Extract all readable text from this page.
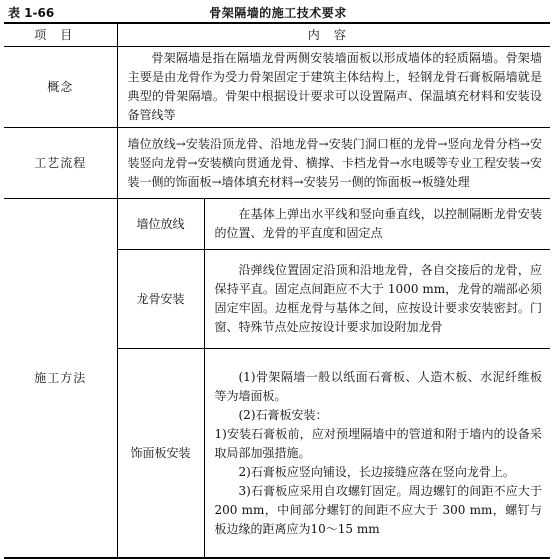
表 1-66	骨架隔墙的施工技术要求
项目	内容	
概念	骨架隔墙是指在隔墙龙骨两侧安装墙面板以形成墙体的轻质隔墙。骨架墙主要是由龙骨作为受力骨架固定于建筑主体结构上，轻钢龙骨石膏板隔墙就是典型的骨架隔墙。骨架中根据设计要求可以设置隔声、保温填充材料和安装设备管线等	
工艺流程	墙位放线→安装沿顶龙骨、沿地龙骨→安装门洞口框的龙骨→竖向龙骨分档→安装竖向龙骨→安装横向贯通龙骨、横撑、卡档龙骨→水电暖等专业工程安装→安装一侧的饰面板→墙体填充材料→安装另一侧的饰面板→板缝处理	
施工方法	墙位放线	在基体上弹出水平线和竖向垂直线，以控制隔断龙骨安装的位置、龙骨的平直度和固定点
	龙骨安装	沿弹线位置固定沿顶和沿地龙骨，各自交接后的龙骨，应保持平直。固定点间距应不大于 1000 mm，龙骨的端部必须固定牢固。边框龙骨与基体之间，应按设计要求安装密封。门窗、特殊节点处应按设计要求加设附加龙骨
	饰面板安装	(1)骨架隔墙一般以纸面石膏板、人造木板、水泥纤维板等为墙面板。

(2)石膏板安装：

1)安装石膏板前，应对预埋隔墙中的管道和附于墙内的设备采取局部加强措施。

2)石膏板应竖向铺设，长边接缝应落在竖向龙骨上。

3)石膏板应采用自攻螺钉固定。周边螺钉的间距不应大于 200 mm，中间部分螺钉的间距不应大于 300 mm，螺钉与板边缘的距离应为10～15 mm
